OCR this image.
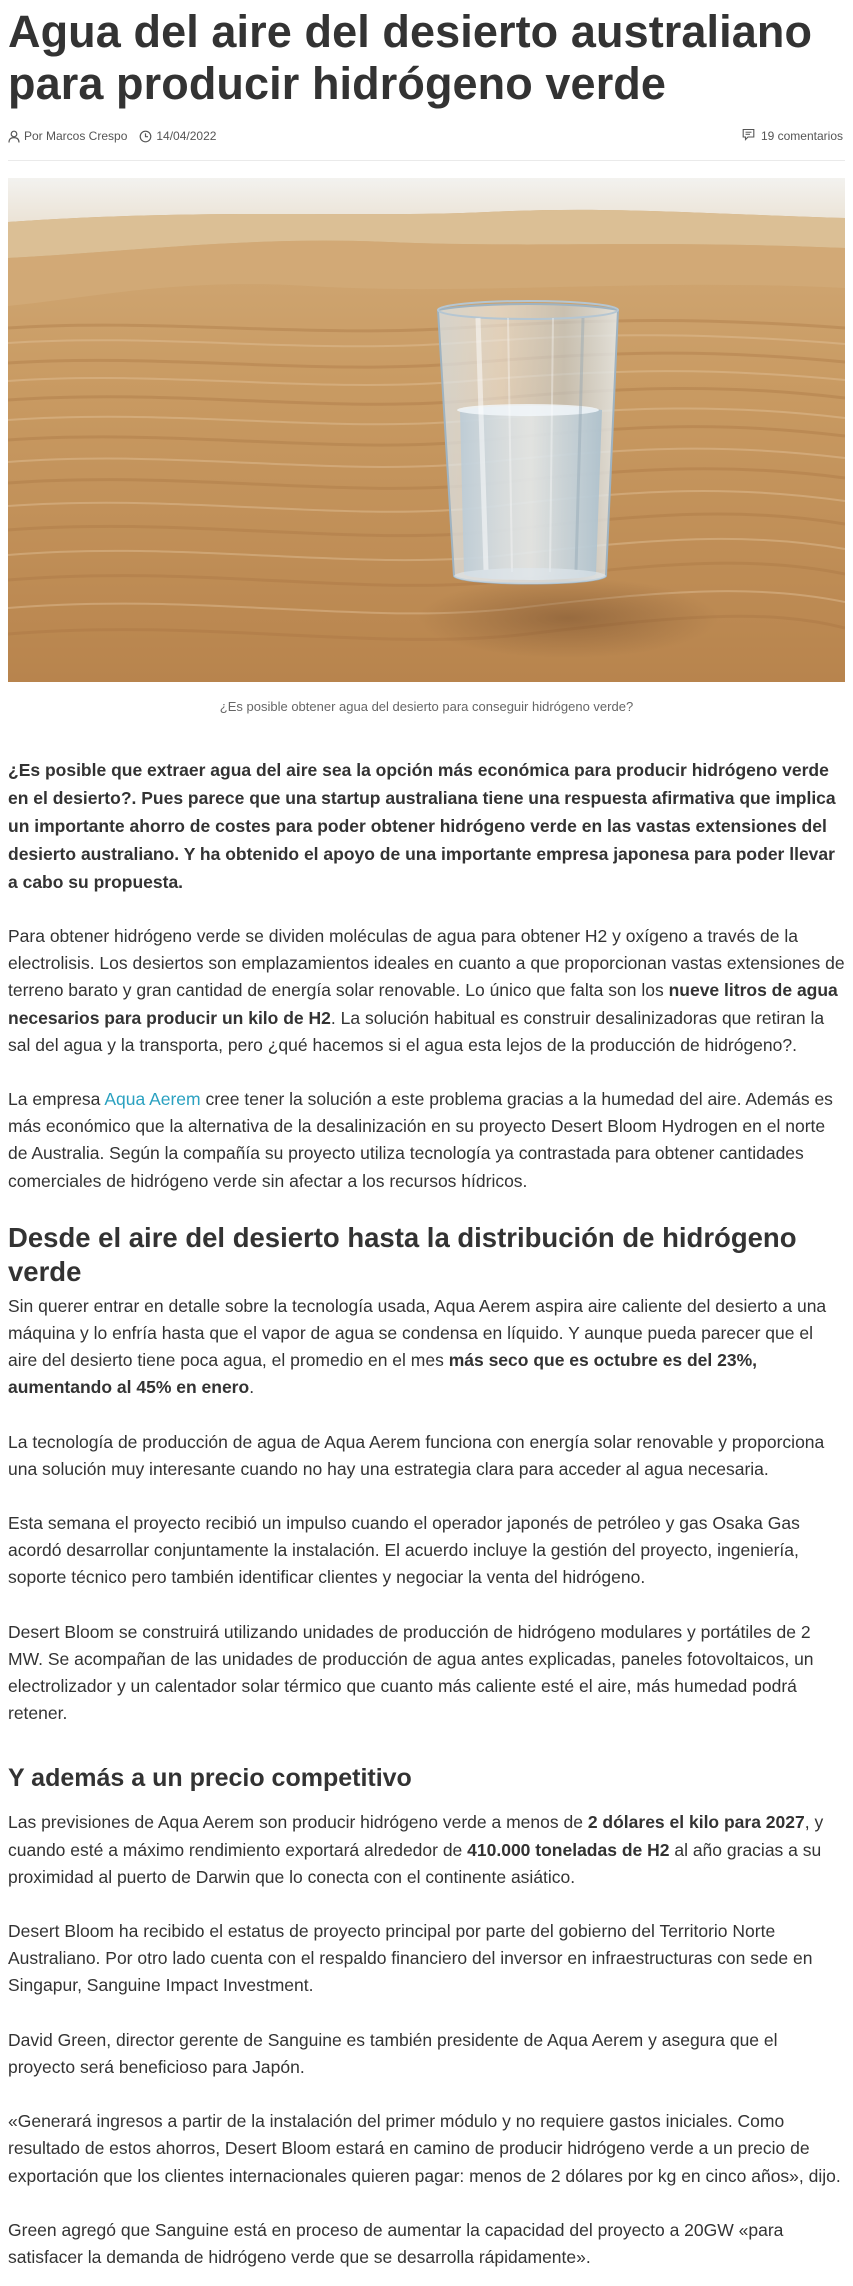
Agua del aire del desierto australiano para producir hidrógeno verde
Por Marcos Crespo 14/04/2022	19 comentarios

¿Es posible obtener agua del desierto para conseguir hidrógeno verde?

¿Es posible que extraer agua del aire sea la opción más económica para producir hidrógeno verde en el desierto?. Pues parece que una startup australiana tiene una respuesta afirmativa que implica un importante ahorro de costes para poder obtener hidrógeno verde en las vastas extensiones del desierto australiano. Y ha obtenido el apoyo de una importante empresa japonesa para poder llevar a cabo su propuesta.

Para obtener hidrógeno verde se dividen moléculas de agua para obtener H2 y oxígeno a través de la electrolisis. Los desiertos son emplazamientos ideales en cuanto a que proporcionan vastas extensiones de terreno barato y gran cantidad de energía solar renovable. Lo único que falta son los nueve litros de agua necesarios para producir un kilo de H2. La solución habitual es construir desalinizadoras que retiran la sal del agua y la transporta, pero ¿qué hacemos si el agua esta lejos de la producción de hidrógeno?.

La empresa Aqua Aerem cree tener la solución a este problema gracias a la humedad del aire. Además es más económico que la alternativa de la desalinización en su proyecto Desert Bloom Hydrogen en el norte de Australia. Según la compañía su proyecto utiliza tecnología ya contrastada para obtener cantidades comerciales de hidrógeno verde sin afectar a los recursos hídricos.

Desde el aire del desierto hasta la distribución de hidrógeno verde

Sin querer entrar en detalle sobre la tecnología usada, Aqua Aerem aspira aire caliente del desierto a una máquina y lo enfría hasta que el vapor de agua se condensa en líquido. Y aunque pueda parecer que el aire del desierto tiene poca agua, el promedio en el mes más seco que es octubre es del 23%, aumentando al 45% en enero.

La tecnología de producción de agua de Aqua Aerem funciona con energía solar renovable y proporciona una solución muy interesante cuando no hay una estrategia clara para acceder al agua necesaria.

Esta semana el proyecto recibió un impulso cuando el operador japonés de petróleo y gas Osaka Gas acordó desarrollar conjuntamente la instalación. El acuerdo incluye la gestión del proyecto, ingeniería, soporte técnico pero también identificar clientes y negociar la venta del hidrógeno.

Desert Bloom se construirá utilizando unidades de producción de hidrógeno modulares y portátiles de 2 MW. Se acompañan de las unidades de producción de agua antes explicadas, paneles fotovoltaicos, un electrolizador y un calentador solar térmico que cuanto más caliente esté el aire, más humedad podrá retener.

Y además a un precio competitivo

Las previsiones de Aqua Aerem son producir hidrógeno verde a menos de 2 dólares el kilo para 2027, y cuando esté a máximo rendimiento exportará alrededor de 410.000 toneladas de H2 al año gracias a su proximidad al puerto de Darwin que lo conecta con el continente asiático.

Desert Bloom ha recibido el estatus de proyecto principal por parte del gobierno del Territorio Norte Australiano. Por otro lado cuenta con el respaldo financiero del inversor en infraestructuras con sede en Singapur, Sanguine Impact Investment.

David Green, director gerente de Sanguine es también presidente de Aqua Aerem y asegura que el proyecto será beneficioso para Japón.

«Generará ingresos a partir de la instalación del primer módulo y no requiere gastos iniciales. Como resultado de estos ahorros, Desert Bloom estará en camino de producir hidrógeno verde a un precio de exportación que los clientes internacionales quieren pagar: menos de 2 dólares por kg en cinco años», dijo.

Green agregó que Sanguine está en proceso de aumentar la capacidad del proyecto a 20GW «para satisfacer la demanda de hidrógeno verde que se desarrolla rápidamente».
